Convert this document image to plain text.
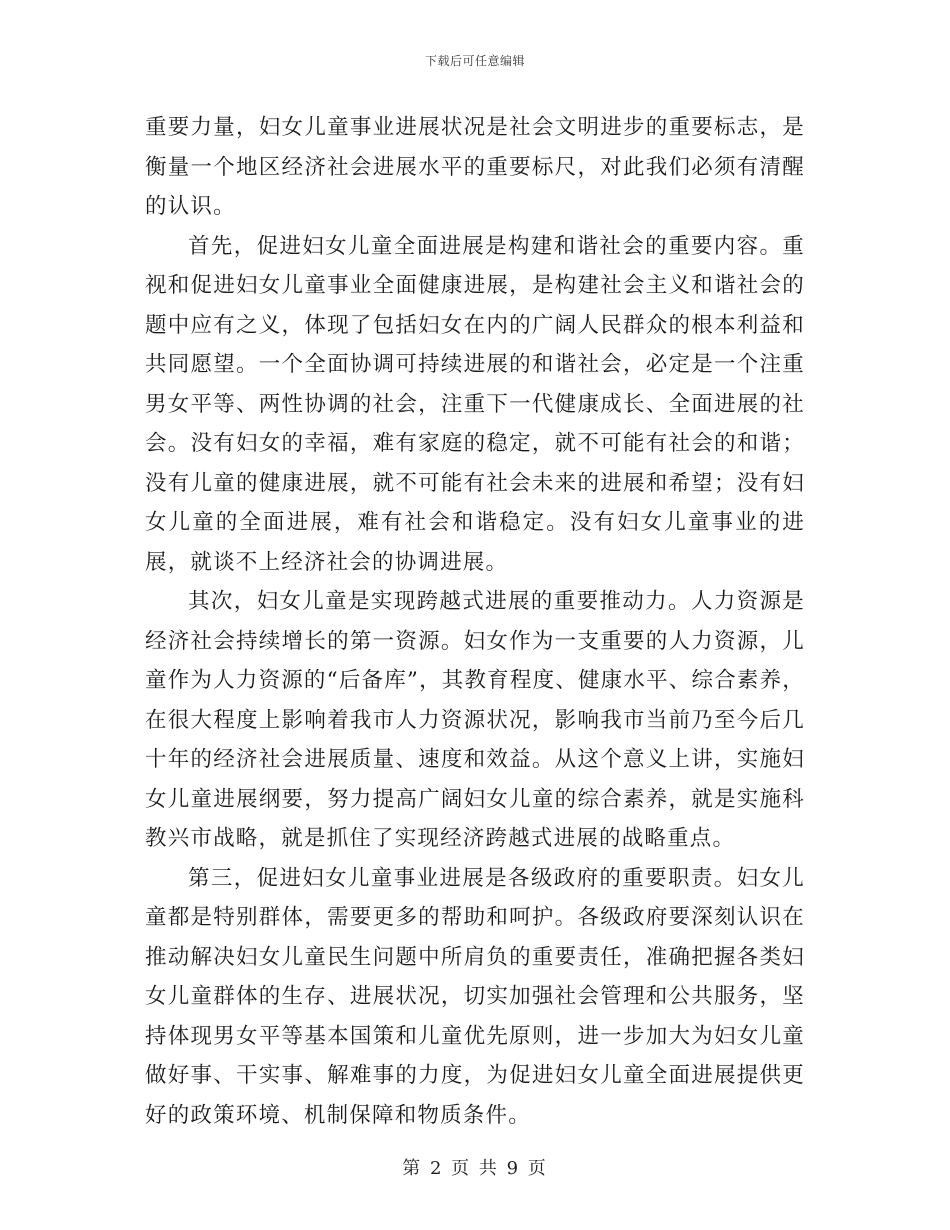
下载后可任意编辑

重要力量，妇女儿童事业进展状况是社会文明进步的重要标志，是衡量一个地区经济社会进展水平的重要标尺，对此我们必须有清醒的认识。

首先，促进妇女儿童全面进展是构建和谐社会的重要内容。重视和促进妇女儿童事业全面健康进展，是构建社会主义和谐社会的题中应有之义，体现了包括妇女在内的广阔人民群众的根本利益和共同愿望。一个全面协调可持续进展的和谐社会，必定是一个注重男女平等、两性协调的社会，注重下一代健康成长、全面进展的社会。没有妇女的幸福，难有家庭的稳定，就不可能有社会的和谐；没有儿童的健康进展，就不可能有社会未来的进展和希望；没有妇女儿童的全面进展，难有社会和谐稳定。没有妇女儿童事业的进展，就谈不上经济社会的协调进展。

其次，妇女儿童是实现跨越式进展的重要推动力。人力资源是经济社会持续增长的第一资源。妇女作为一支重要的人力资源，儿童作为人力资源的“后备库”，其教育程度、健康水平、综合素养，在很大程度上影响着我市人力资源状况，影响我市当前乃至今后几十年的经济社会进展质量、速度和效益。从这个意义上讲，实施妇女儿童进展纲要，努力提高广阔妇女儿童的综合素养，就是实施科教兴市战略，就是抓住了实现经济跨越式进展的战略重点。

第三，促进妇女儿童事业进展是各级政府的重要职责。妇女儿童都是特别群体，需要更多的帮助和呵护。各级政府要深刻认识在推动解决妇女儿童民生问题中所肩负的重要责任，准确把握各类妇女儿童群体的生存、进展状况，切实加强社会管理和公共服务，坚持体现男女平等基本国策和儿童优先原则，进一步加大为妇女儿童做好事、干实事、解难事的力度，为促进妇女儿童全面进展提供更好的政策环境、机制保障和物质条件。

第 2 页 共 9 页
